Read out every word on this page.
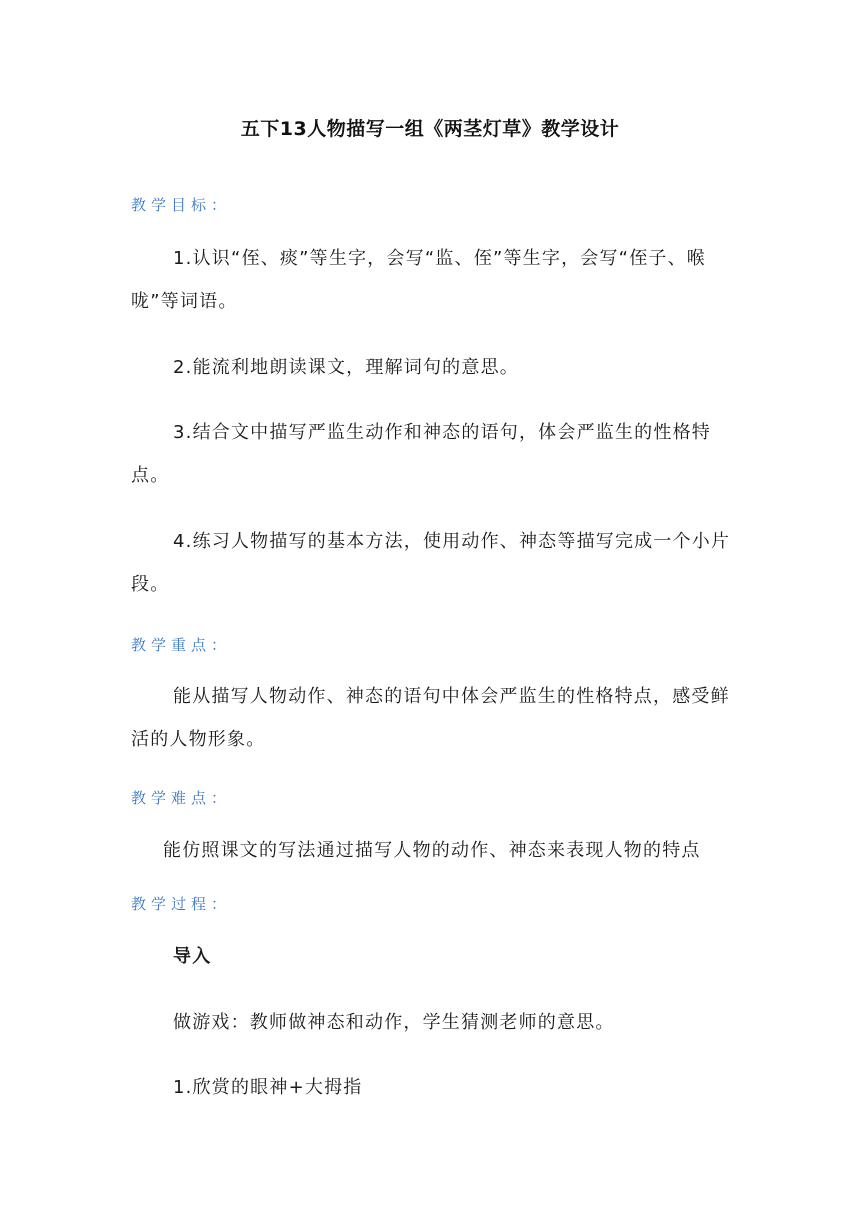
五下13人物描写一组《两茎灯草》教学设计
教学目标：
1.认识“侄、痰”等生字，会写“监、侄”等生字，会写“侄子、喉咙”等词语。
2.能流利地朗读课文，理解词句的意思。
3.结合文中描写严监生动作和神态的语句，体会严监生的性格特点。
4.练习人物描写的基本方法，使用动作、神态等描写完成一个小片段。
教学重点：
能从描写人物动作、神态的语句中体会严监生的性格特点，感受鲜活的人物形象。
教学难点：
能仿照课文的写法通过描写人物的动作、神态来表现人物的特点
教学过程：
导入
做游戏：教师做神态和动作，学生猜测老师的意思。
1.欣赏的眼神+大拇指
